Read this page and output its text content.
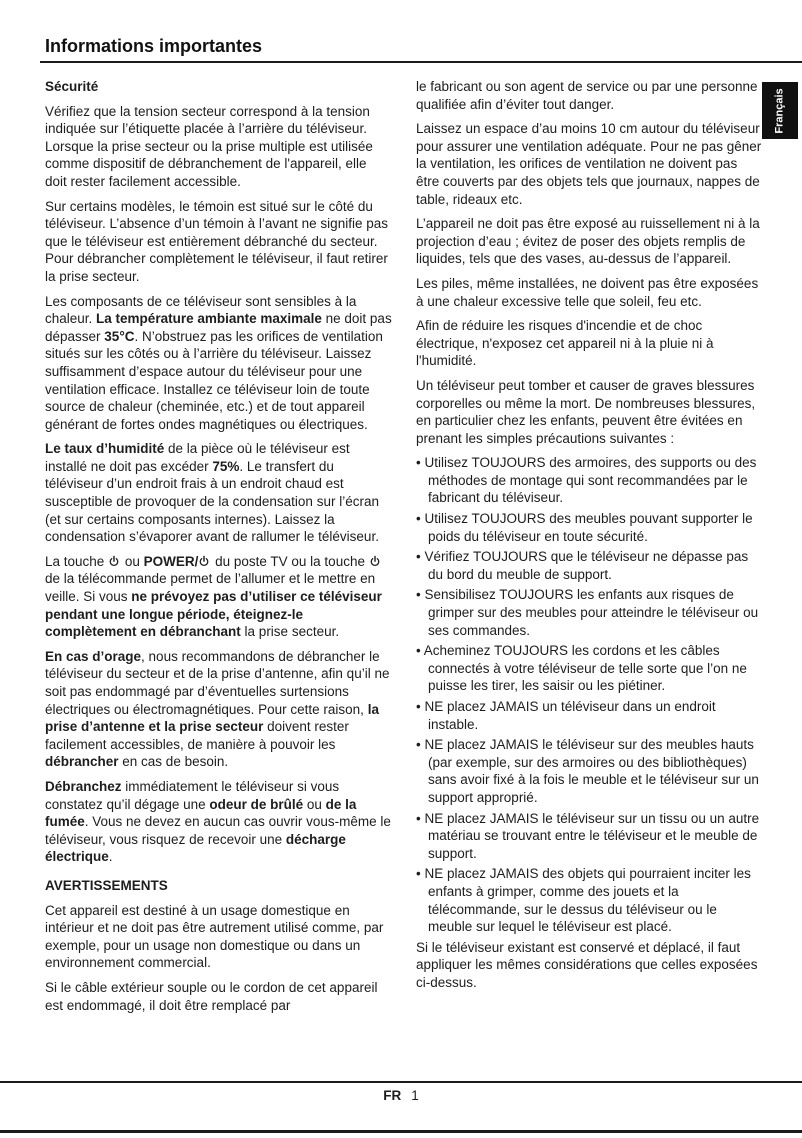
Informations importantes
Français

Sécurité

Vérifiez que la tension secteur correspond à la tension indiquée sur l’étiquette placée à l’arrière du téléviseur. Lorsque la prise secteur ou la prise multiple est utilisée comme dispositif de débranchement de l'appareil, elle doit rester facilement accessible.

Sur certains modèles, le témoin est situé sur le côté du téléviseur. L’absence d’un témoin à l’avant ne signifie pas que le téléviseur est entièrement débranché du secteur. Pour débrancher complètement le téléviseur, il faut retirer la prise secteur.

Les composants de ce téléviseur sont sensibles à la chaleur. La température ambiante maximale ne doit pas dépasser 35°C. N’obstruez pas les orifices de ventilation situés sur les côtés ou à l’arrière du téléviseur. Laissez suffisamment d’espace autour du téléviseur pour une ventilation efficace. Installez ce téléviseur loin de toute source de chaleur (cheminée, etc.) et de tout appareil générant de fortes ondes magnétiques ou électriques.

Le taux d’humidité de la pièce où le téléviseur est installé ne doit pas excéder 75%. Le transfert du téléviseur d’un endroit frais à un endroit chaud est susceptible de provoquer de la condensation sur l’écran (et sur certains composants internes). Laissez la condensation s’évaporer avant de rallumer le téléviseur.

La touche  ou POWER/ du poste TV ou la touche  de la télécommande permet de l’allumer et le mettre en veille. Si vous ne prévoyez pas d’utiliser ce téléviseur pendant une longue période, éteignez-le complètement en débranchant la prise secteur.

En cas d’orage, nous recommandons de débrancher le téléviseur du secteur et de la prise d’antenne, afin qu’il ne soit pas endommagé par d’éventuelles surtensions électriques ou électromagnétiques. Pour cette raison, la prise d’antenne et la prise secteur doivent rester facilement accessibles, de manière à pouvoir les débrancher en cas de besoin.

Débranchez immédiatement le téléviseur si vous constatez qu’il dégage une odeur de brûlé ou de la fumée. Vous ne devez en aucun cas ouvrir vous-même le téléviseur, vous risquez de recevoir une décharge électrique.

AVERTISSEMENTS

Cet appareil est destiné à un usage domestique en intérieur et ne doit pas être autrement utilisé comme, par exemple, pour un usage non domestique ou dans un environnement commercial.

Si le câble extérieur souple ou le cordon de cet appareil est endommagé, il doit être remplacé par

le fabricant ou son agent de service ou par une personne qualifiée afin d’éviter tout danger.

Laissez un espace d’au moins 10 cm autour du téléviseur pour assurer une ventilation adéquate. Pour ne pas gêner la ventilation, les orifices de ventilation ne doivent pas être couverts par des objets tels que journaux, nappes de table, rideaux etc.

L’appareil ne doit pas être exposé au ruissellement ni à la projection d’eau ; évitez de poser des objets remplis de liquides, tels que des vases, au-dessus de l’appareil.

Les piles, même installées, ne doivent pas être exposées à une chaleur excessive telle que soleil, feu etc.

Afin de réduire les risques d'incendie et de choc électrique, n'exposez cet appareil ni à la pluie ni à l'humidité.

Un téléviseur peut tomber et causer de graves blessures corporelles ou même la mort. De nombreuses blessures, en particulier chez les enfants, peuvent être évitées en prenant les simples précautions suivantes :

• Utilisez TOUJOURS des armoires, des supports ou des méthodes de montage qui sont recommandées par le fabricant du téléviseur.

• Utilisez TOUJOURS des meubles pouvant supporter le poids du téléviseur en toute sécurité.

• Vérifiez TOUJOURS que le téléviseur ne dépasse pas du bord du meuble de support.

• Sensibilisez TOUJOURS les enfants aux risques de grimper sur des meubles pour atteindre le téléviseur ou ses commandes.

• Acheminez TOUJOURS les cordons et les câbles connectés à votre téléviseur de telle sorte que l’on ne puisse les tirer, les saisir ou les piétiner.

• NE placez JAMAIS un téléviseur dans un endroit instable.

• NE placez JAMAIS le téléviseur sur des meubles hauts (par exemple, sur des armoires ou des bibliothèques) sans avoir fixé à la fois le meuble et le téléviseur sur un support approprié.

• NE placez JAMAIS le téléviseur sur un tissu ou un autre matériau se trouvant entre le téléviseur et le meuble de support.

• NE placez JAMAIS des objets qui pourraient inciter les enfants à grimper, comme des jouets et la télécommande, sur le dessus du téléviseur ou le meuble sur lequel le téléviseur est placé.

Si le téléviseur existant est conservé et déplacé, il faut appliquer les mêmes considérations que celles exposées ci-dessus.

FR 1
